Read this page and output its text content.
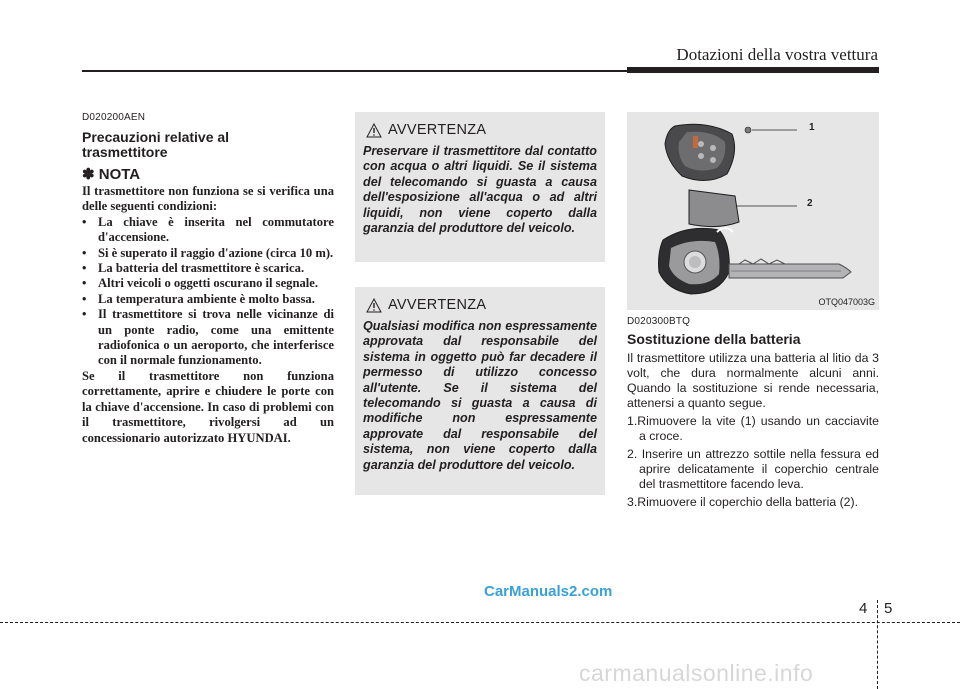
Dotazioni della vostra vettura
D020200AEN
Precauzioni relative al
trasmettitore
✽ NOTA
Il trasmettitore non funziona se si verifica una delle seguenti condizioni:
• La chiave è inserita nel commutatore d'accensione.
• Si è superato il raggio d'azione (circa 10 m).
• La batteria del trasmettitore è scarica.
• Altri veicoli o oggetti oscurano il segnale.
• La temperatura ambiente è molto bassa.
• Il trasmettitore si trova nelle vicinanze di un ponte radio, come una emittente radiofonica o un aeroporto, che interferisce con il normale funzionamento.
Se il trasmettitore non funziona correttamente, aprire e chiudere le porte con la chiave d'accensione. In caso di problemi con il trasmettitore, rivolgersi ad un concessionario autorizzato HYUNDAI.
AVVERTENZA
Preservare il trasmettitore dal contatto con acqua o altri liquidi. Se il sistema del telecomando si guasta a causa dell'esposizione all'acqua o ad altri liquidi, non viene coperto dalla garanzia del produttore del veicolo.
AVVERTENZA
Qualsiasi modifica non espressamente approvata dal responsabile del sistema in oggetto può far decadere il permesso di utilizzo concesso all'utente. Se il sistema del telecomando si guasta a causa di modifiche non espressamente approvate dal responsabile del sistema, non viene coperto dalla garanzia del produttore del veicolo.
1
2
OTQ047003G
D020300BTQ
Sostituzione della batteria
Il trasmettitore utilizza una batteria al litio da 3 volt, che dura normalmente alcuni anni. Quando la sostituzione si rende necessaria, attenersi a quanto segue.
1.Rimuovere la vite (1) usando un cacciavite a croce.
2. Inserire un attrezzo sottile nella fessura ed aprire delicatamente il coperchio centrale del trasmettitore facendo leva.
3.Rimuovere il coperchio della batteria (2).
CarManuals2.com
4 5
carmanualsonline.info
